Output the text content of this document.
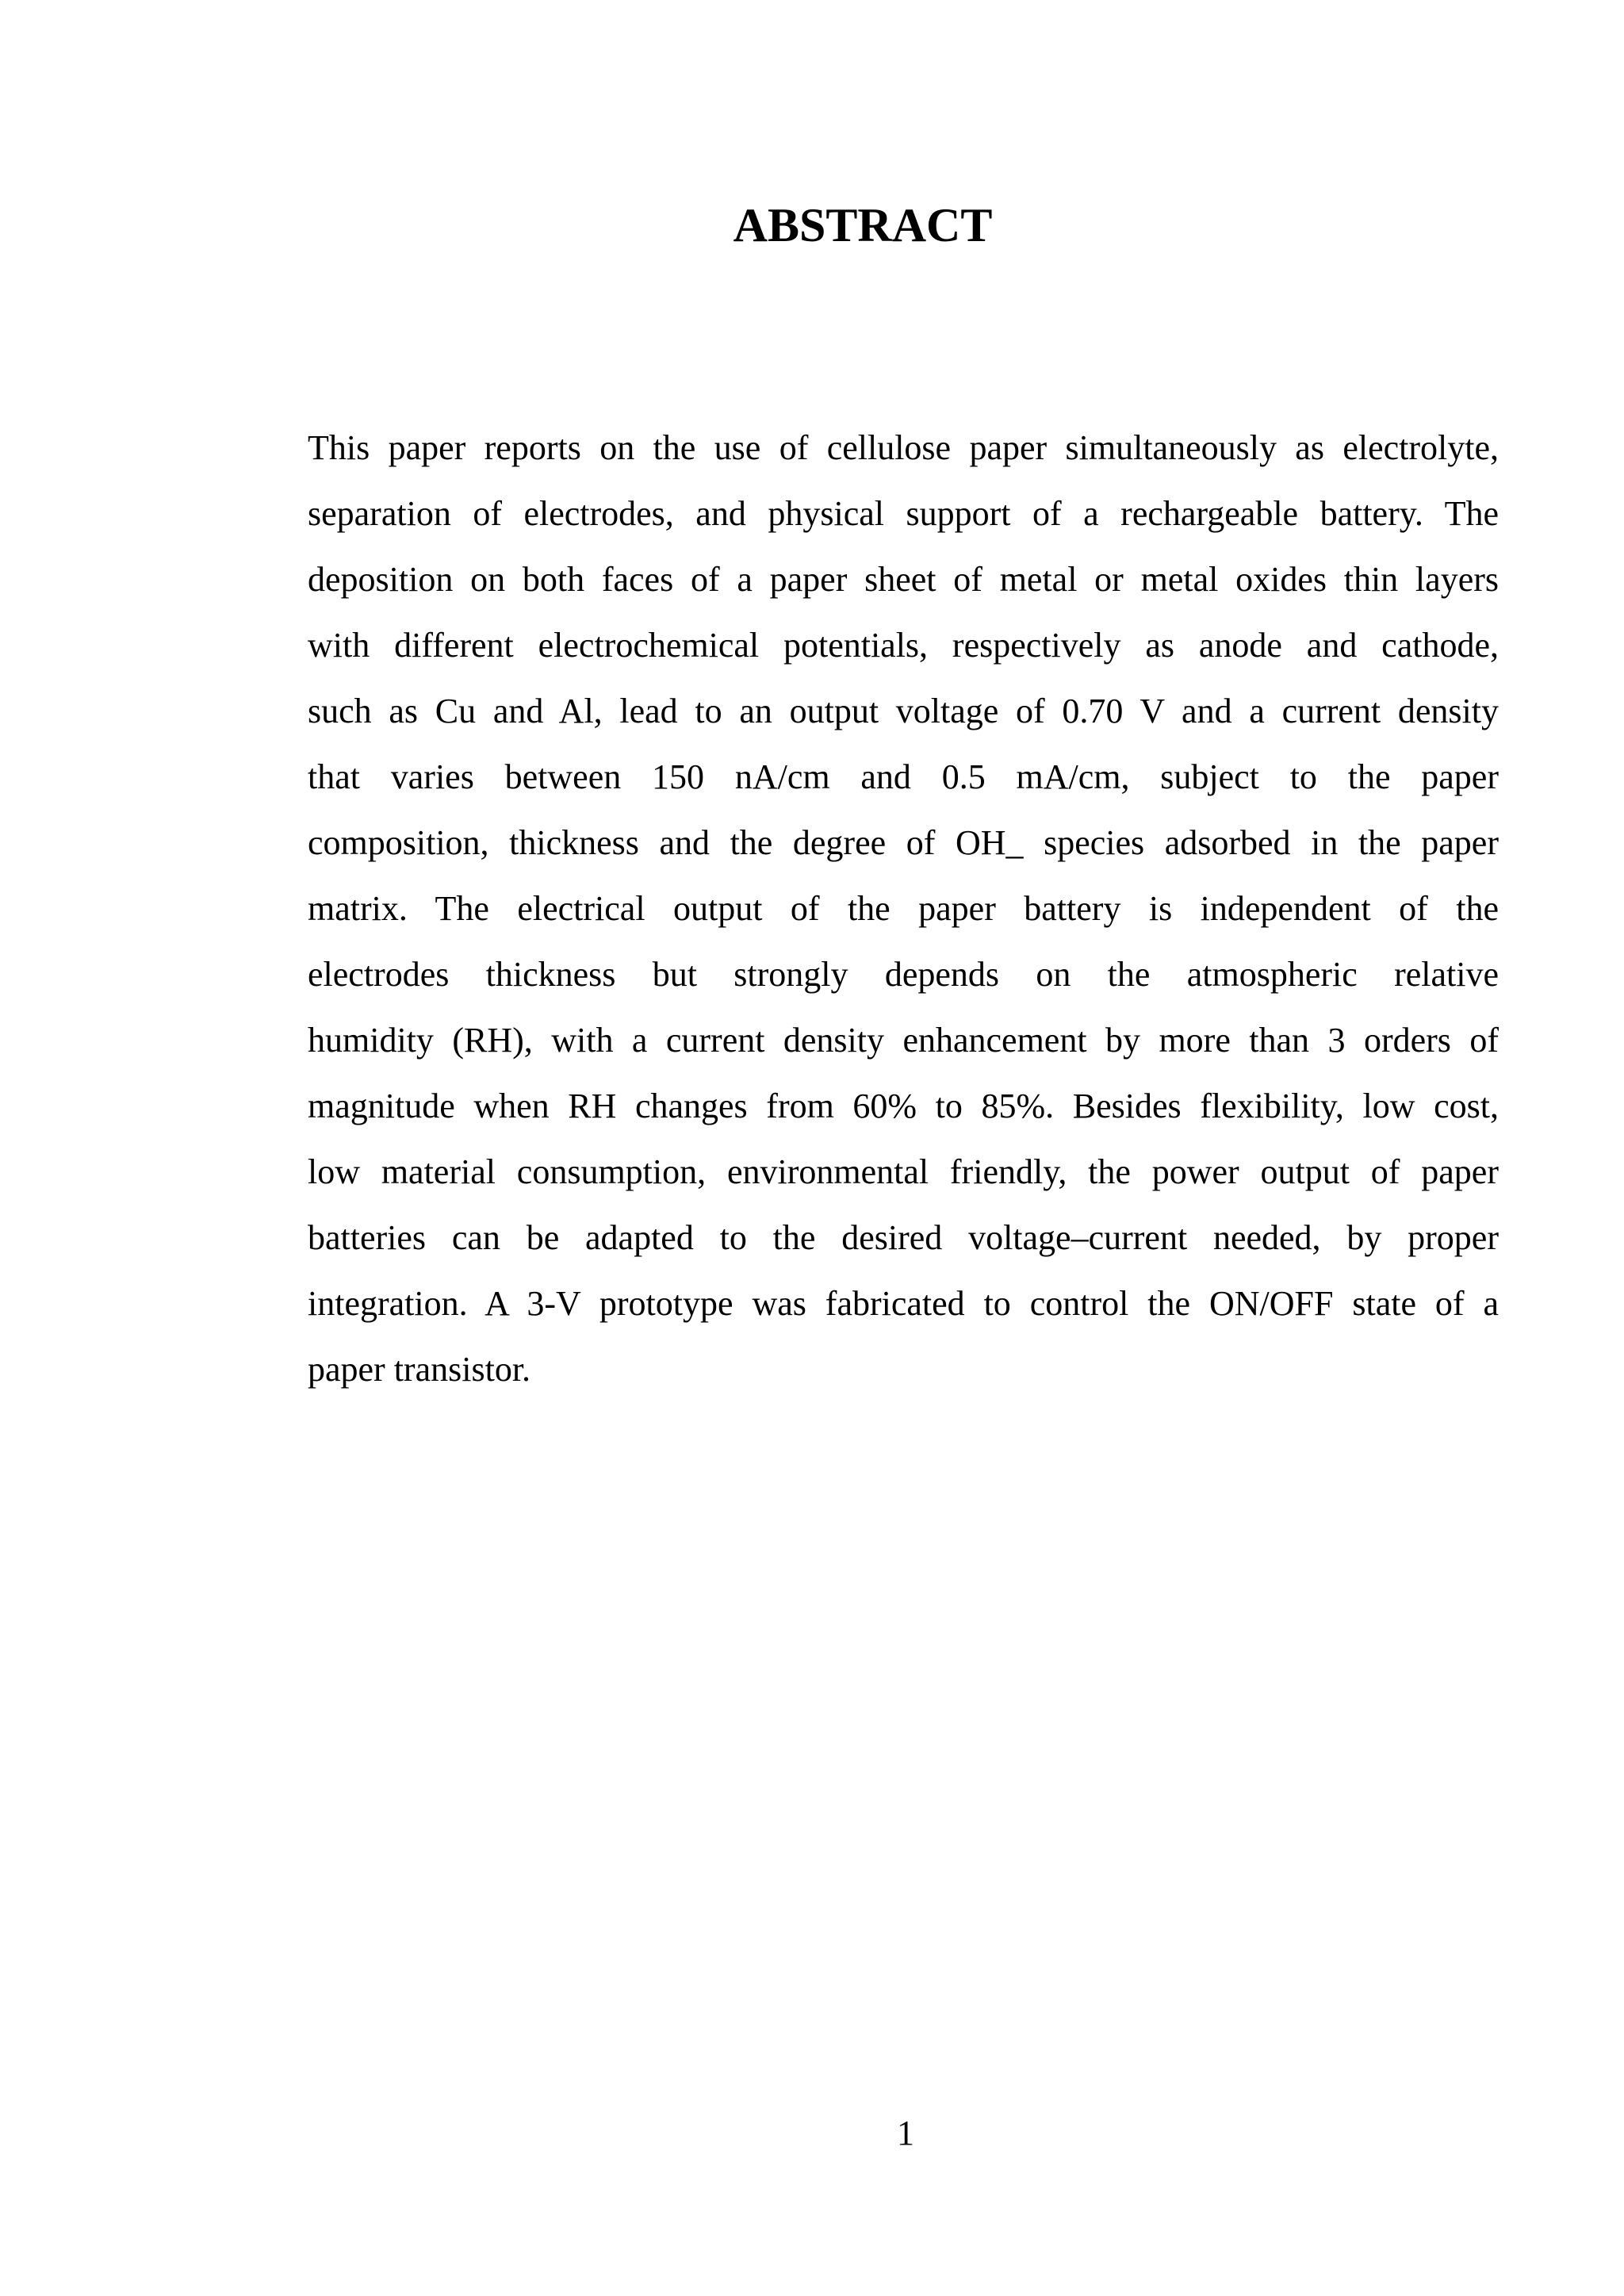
ABSTRACT

This paper reports on the use of cellulose paper simultaneously as electrolyte,
separation of electrodes, and physical support of a rechargeable battery. The
deposition on both faces of a paper sheet of metal or metal oxides thin layers
with different electrochemical potentials, respectively as anode and cathode,
such as Cu and Al, lead to an output voltage of 0.70 V and a current density
that varies between 150 nA/cm and 0.5 mA/cm, subject to the paper
composition, thickness and the degree of OH_ species adsorbed in the paper
matrix. The electrical output of the paper battery is independent of the
electrodes thickness but strongly depends on the atmospheric relative
humidity (RH), with a current density enhancement by more than 3 orders of
magnitude when RH changes from 60% to 85%. Besides flexibility, low cost,
low material consumption, environmental friendly, the power output of paper
batteries can be adapted to the desired voltage–current needed, by proper
integration. A 3-V prototype was fabricated to control the ON/OFF state of a
paper transistor.

1
